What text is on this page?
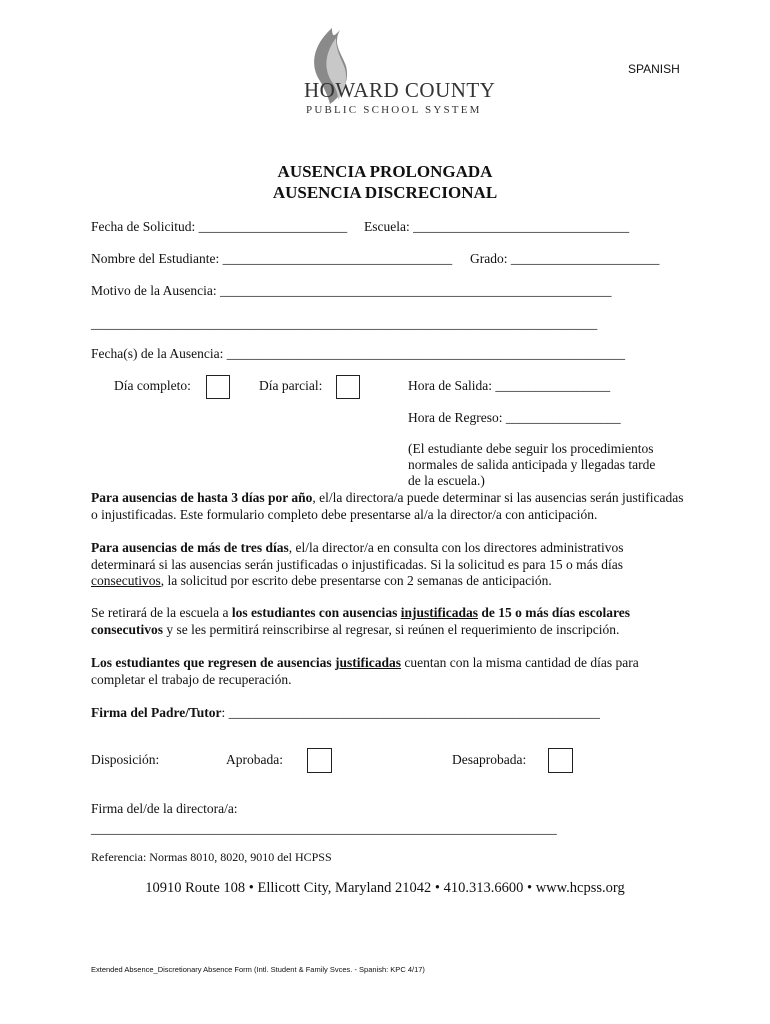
HOWARD COUNTY
PUBLIC SCHOOL SYSTEM
SPANISH
AUSENCIA PROLONGADA
AUSENCIA DISCRECIONAL
Fecha de Solicitud: ______________________ Escuela: ________________________________
Nombre del Estudiante: __________________________________ Grado: ______________________
Motivo de la Ausencia: __________________________________________________________
___________________________________________________________________________
Fecha(s) de la Ausencia: ___________________________________________________________
Día completo:	Día parcial:	Hora de Salida: _________________
Hora de Regreso: _________________
(El estudiante debe seguir los procedimientos
normales de salida anticipada y llegadas tarde
de la escuela.)
Para ausencias de hasta 3 días por año, el/la directora/a puede determinar si las ausencias serán justificadas o injustificadas. Este formulario completo debe presentarse al/a la director/a con anticipación.
Para ausencias de más de tres días, el/la director/a en consulta con los directores administrativos determinará si las ausencias serán justificadas o injustificadas. Si la solicitud es para 15 o más días consecutivos, la solicitud por escrito debe presentarse con 2 semanas de anticipación.
Se retirará de la escuela a los estudiantes con ausencias injustificadas de 15 o más días escolares consecutivos y se les permitirá reinscribirse al regresar, si reúnen el requerimiento de inscripción.
Los estudiantes que regresen de ausencias justificadas cuentan con la misma cantidad de días para completar el trabajo de recuperación.
Firma del Padre/Tutor: _______________________________________________________
Disposición:	Aprobada:	Desaprobada:
Firma del/de la directora/a:
_____________________________________________________________________
Referencia: Normas 8010, 8020, 9010 del HCPSS
10910 Route 108 • Ellicott City, Maryland 21042 • 410.313.6600 • www.hcpss.org
Extended Absence_Discretionary Absence Form (Intl. Student & Family Svces. - Spanish: KPC 4/17)
